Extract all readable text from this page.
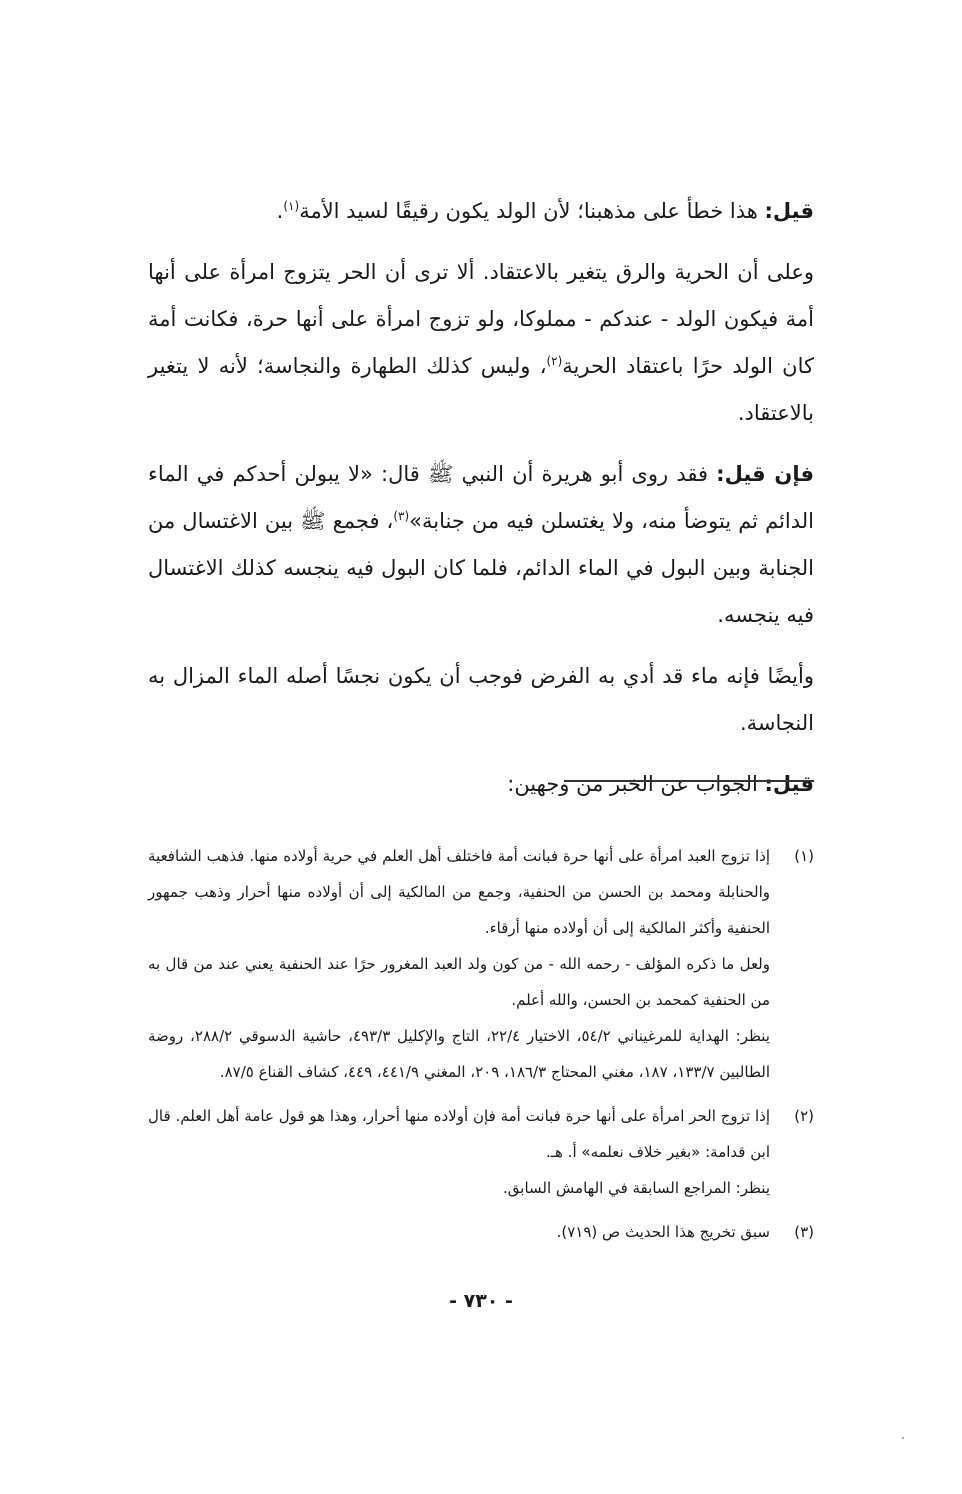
قيل: هذا خطأ على مذهبنا؛ لأن الولد يكون رقيقًا لسيد الأمة$^{(١)}$.

وعلى أن الحرية والرق يتغير بالاعتقاد. ألا ترى أن الحر يتزوج امرأة على أنها أمة فيكون الولد - عندكم - مملوكا، ولو تزوج امرأة على أنها حرة، فكانت أمة كان الولد حرًا باعتقاد الحرية$^{(٢)}$، وليس كذلك الطهارة والنجاسة؛ لأنه لا يتغير بالاعتقاد.

فإن قيل: فقد روى أبو هريرة أن النبي ﷺ قال: «لا يبولن أحدكم في الماء الدائم ثم يتوضأ منه، ولا يغتسلن فيه من جنابة»$^{(٣)}$، فجمع ﷺ بين الاغتسال من الجنابة وبين البول في الماء الدائم، فلما كان البول فيه ينجسه كذلك الاغتسال فيه ينجسه.

وأيضًا فإنه ماء قد أدي به الفرض فوجب أن يكون نجسًا أصله الماء المزال به النجاسة.

قيل: الجواب عن الخبر من وجهين:

(١)
إذا تزوج العبد امرأة على أنها حرة فبانت أمة فاختلف أهل العلم في حرية أولاده منها. فذهب الشافعية والحنابلة ومحمد بن الحسن من الحنفية، وجمع من المالكية إلى أن أولاده منها أحرار وذهب جمهور الحنفية وأكثر المالكية إلى أن أولاده منها أرقاء.
ولعل ما ذكره المؤلف - رحمه الله - من كون ولد العبد المغرور حرًا عند الحنفية يعني عند من قال به من الحنفية كمحمد بن الحسن، والله أعلم.
ينظر: الهداية للمرغيناني ٥٤/٢، الاختيار ٢٢/٤، التاج والإكليل ٤٩٣/٣، حاشية الدسوقي ٢٨٨/٢، روضة الطالبين ١٣٣/٧، ١٨٧، مغني المحتاج ١٨٦/٣، ٢٠٩، المغني ٤٤١/٩، ٤٤٩، كشاف القناع ٨٧/٥.
(٢)
إذا تزوج الحر امرأة على أنها حرة فبانت أمة فإن أولاده منها أحرار، وهذا هو قول عامة أهل العلم. قال ابن قدامة: «بغير خلاف نعلمه» أ. هـ.
ينظر: المراجع السابقة في الهامش السابق.
(٣)
سبق تخريج هذا الحديث ص (٧١٩).
- ٧٣٠ -
